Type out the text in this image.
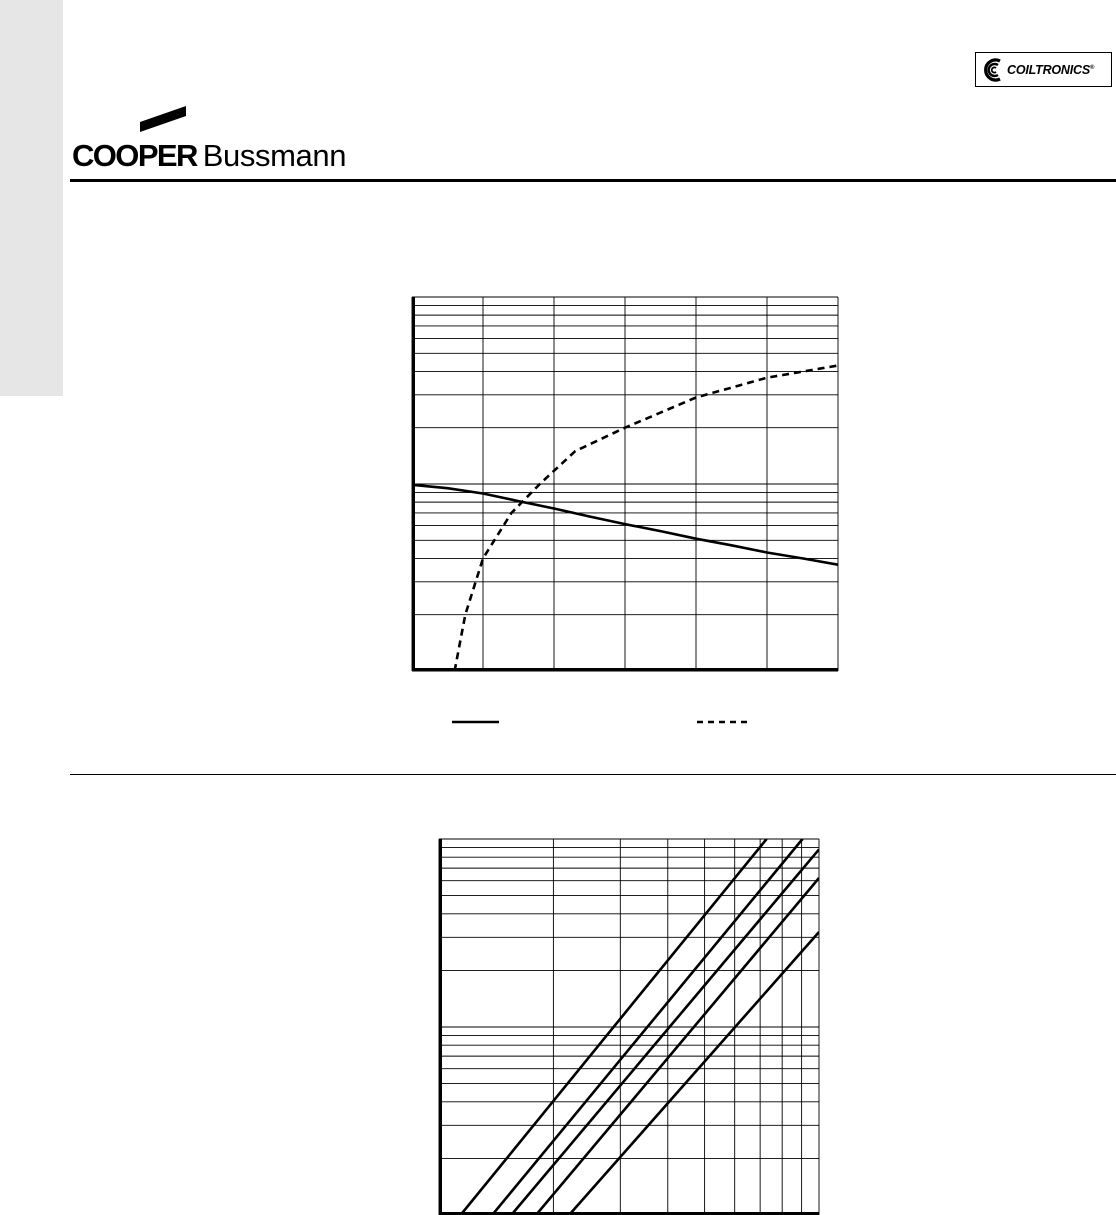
COILTRONICS®
COOPER Bussmann
